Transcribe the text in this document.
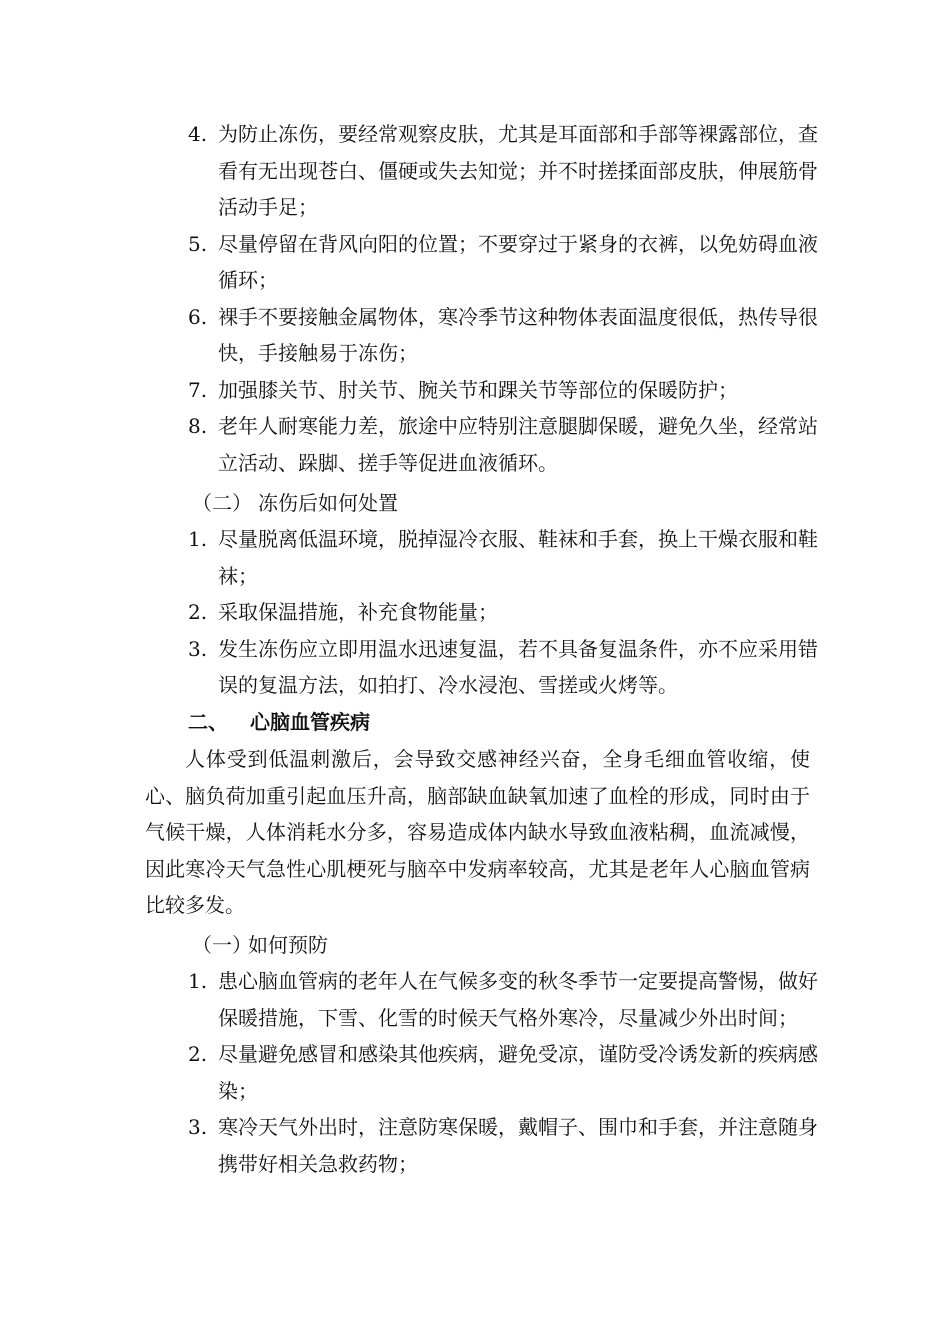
4. 为防止冻伤，要经常观察皮肤，尤其是耳面部和手部等裸露部位，查看有无出现苍白、僵硬或失去知觉；并不时搓揉面部皮肤，伸展筋骨活动手足；
5. 尽量停留在背风向阳的位置；不要穿过于紧身的衣裤，以免妨碍血液循环；
6. 裸手不要接触金属物体，寒冷季节这种物体表面温度很低，热传导很快，手接触易于冻伤；
7. 加强膝关节、肘关节、腕关节和踝关节等部位的保暖防护；
8. 老年人耐寒能力差，旅途中应特别注意腿脚保暖，避免久坐，经常站立活动、跺脚、搓手等促进血液循环。
（二） 冻伤后如何处置
1. 尽量脱离低温环境，脱掉湿冷衣服、鞋袜和手套，换上干燥衣服和鞋袜；
2. 采取保温措施，补充食物能量；
3. 发生冻伤应立即用温水迅速复温，若不具备复温条件，亦不应采用错误的复温方法，如拍打、冷水浸泡、雪搓或火烤等。
二、 心脑血管疾病

人体受到低温刺激后，会导致交感神经兴奋，全身毛细血管收缩，使心、脑负荷加重引起血压升高，脑部缺血缺氧加速了血栓的形成，同时由于气候干燥，人体消耗水分多，容易造成体内缺水导致血液粘稠，血流减慢，因此寒冷天气急性心肌梗死与脑卒中发病率较高，尤其是老年人心脑血管病比较多发。

（一）如何预防
1. 患心脑血管病的老年人在气候多变的秋冬季节一定要提高警惕，做好保暖措施，下雪、化雪的时候天气格外寒冷，尽量减少外出时间；
2. 尽量避免感冒和感染其他疾病，避免受凉，谨防受冷诱发新的疾病感染；
3. 寒冷天气外出时，注意防寒保暖，戴帽子、围巾和手套，并注意随身携带好相关急救药物；
